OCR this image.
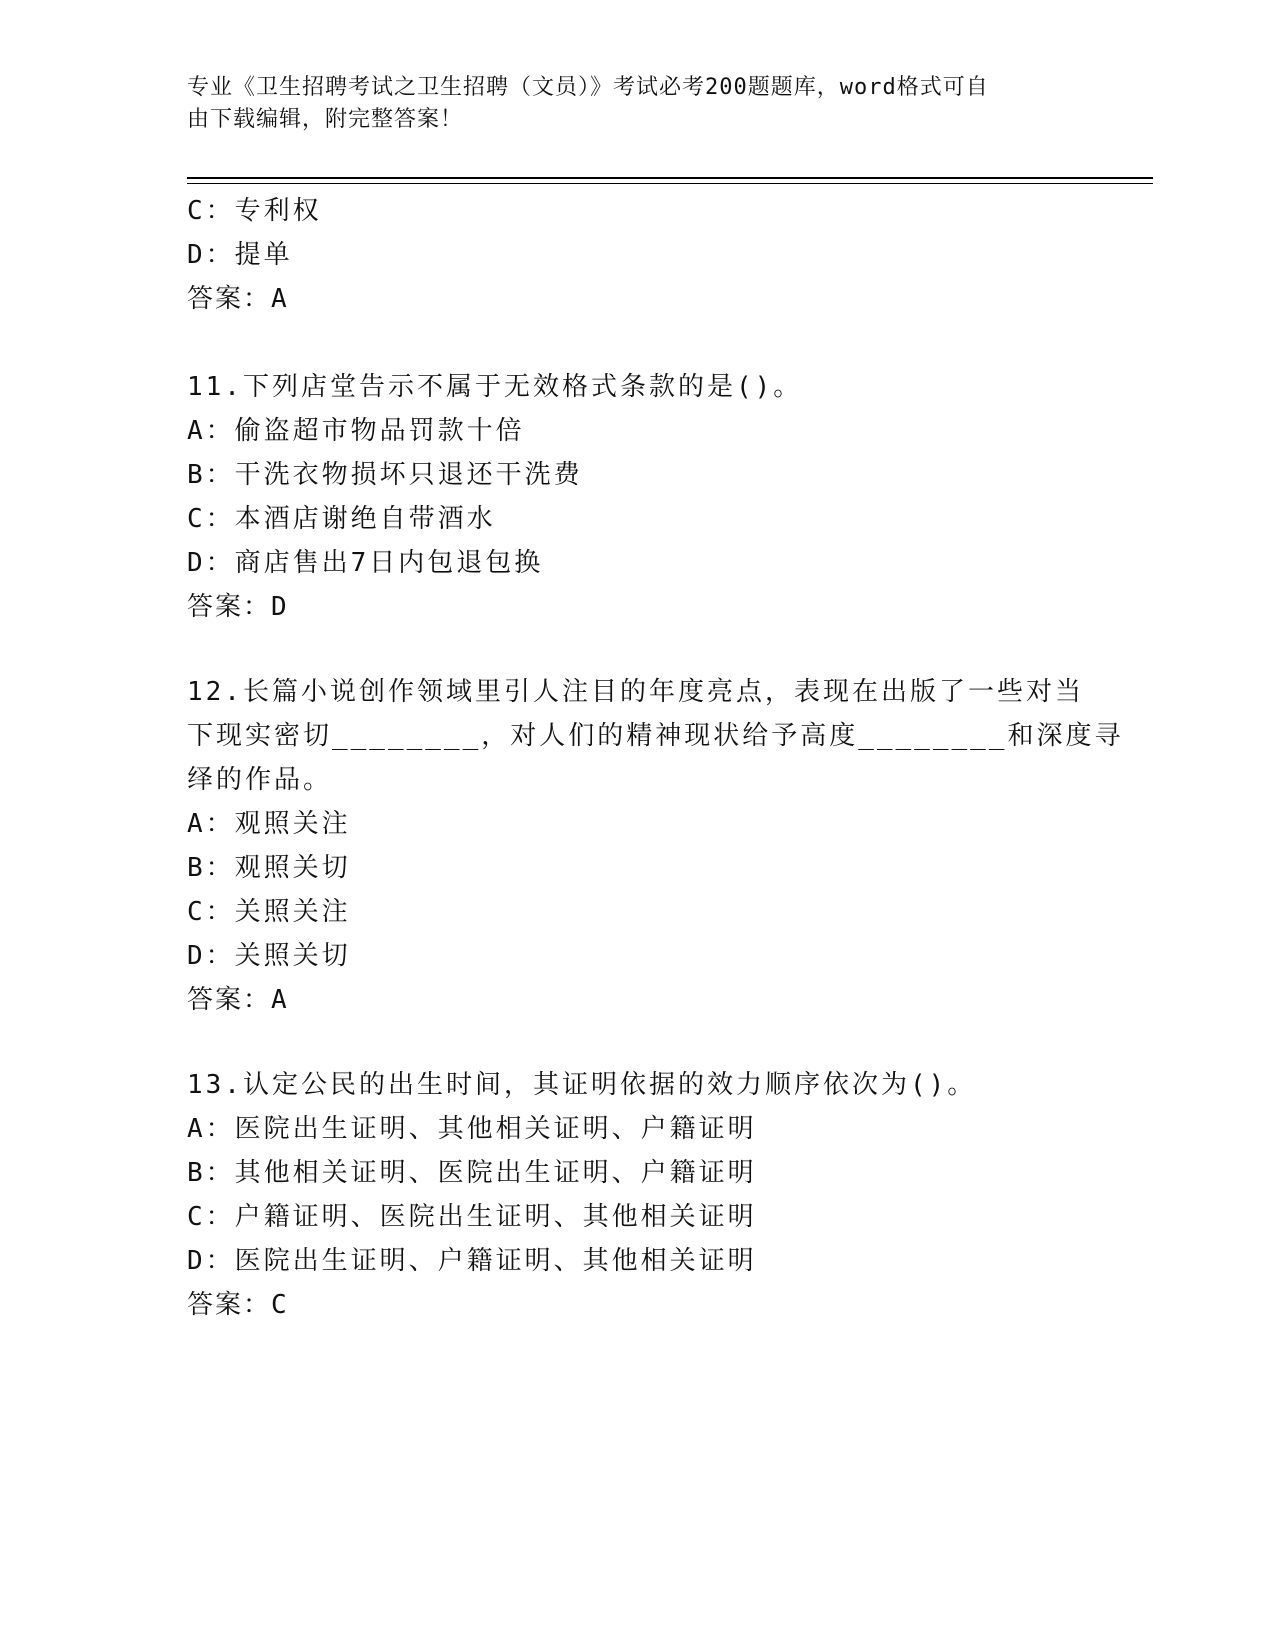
专业《卫生招聘考试之卫生招聘（文员）》考试必考200题题库，word格式可自
由下载编辑，附完整答案！
C：专利权
D：提单
答案：A
11.下列店堂告示不属于无效格式条款的是()。
A：偷盗超市物品罚款十倍
B：干洗衣物损坏只退还干洗费
C：本酒店谢绝自带酒水
D：商店售出7日内包退包换
答案：D
12.长篇小说创作领域里引人注目的年度亮点，表现在出版了一些对当
下现实密切________，对人们的精神现状给予高度________和深度寻
绎的作品。
A：观照关注
B：观照关切
C：关照关注
D：关照关切
答案：A
13.认定公民的出生时间，其证明依据的效力顺序依次为()。
A：医院出生证明、其他相关证明、户籍证明
B：其他相关证明、医院出生证明、户籍证明
C：户籍证明、医院出生证明、其他相关证明
D：医院出生证明、户籍证明、其他相关证明
答案：C
